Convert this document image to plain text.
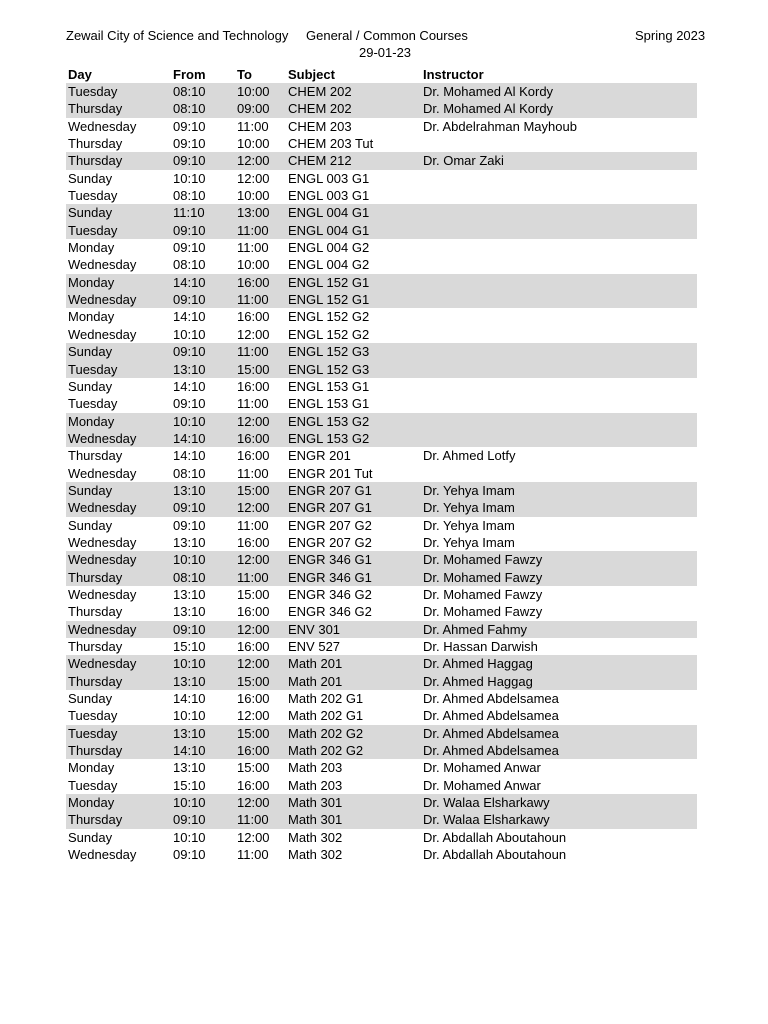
Zewail City of Science and Technology General / Common Courses
29-01-23
Spring 2023
Day	From To	Subject	Instructor
Tuesday	08:10 10:00 CHEM 202	Dr. Mohamed Al Kordy
Thursday	08:10 09:00 CHEM 202	Dr. Mohamed Al Kordy
Wednesday	09:10 11:00 CHEM 203	Dr. Abdelrahman Mayhoub
Thursday	09:10 10:00 CHEM 203 Tut
Thursday	09:10 12:00 CHEM 212	Dr. Omar Zaki
Sunday	10:10 12:00 ENGL 003 G1
Tuesday	08:10 10:00 ENGL 003 G1
Sunday	11:10 13:00 ENGL 004 G1
Tuesday	09:10 11:00 ENGL 004 G1
Monday	09:10 11:00 ENGL 004 G2
Wednesday	08:10 10:00 ENGL 004 G2
Monday	14:10 16:00 ENGL 152 G1
Wednesday	09:10 11:00 ENGL 152 G1
Monday	14:10 16:00 ENGL 152 G2
Wednesday	10:10 12:00 ENGL 152 G2
Sunday	09:10 11:00 ENGL 152 G3
Tuesday	13:10 15:00 ENGL 152 G3
Sunday	14:10 16:00 ENGL 153 G1
Tuesday	09:10 11:00 ENGL 153 G1
Monday	10:10 12:00 ENGL 153 G2
Wednesday	14:10 16:00 ENGL 153 G2
Thursday	14:10 16:00 ENGR 201	Dr. Ahmed Lotfy
Wednesday	08:10 11:00 ENGR 201 Tut
Sunday	13:10 15:00 ENGR 207 G1	Dr. Yehya Imam
Wednesday	09:10 12:00 ENGR 207 G1	Dr. Yehya Imam
Sunday	09:10 11:00 ENGR 207 G2	Dr. Yehya Imam
Wednesday	13:10 16:00 ENGR 207 G2	Dr. Yehya Imam
Wednesday	10:10 12:00 ENGR 346 G1	Dr. Mohamed Fawzy
Thursday	08:10 11:00 ENGR 346 G1	Dr. Mohamed Fawzy
Wednesday	13:10 15:00 ENGR 346 G2	Dr. Mohamed Fawzy
Thursday	13:10 16:00 ENGR 346 G2	Dr. Mohamed Fawzy
Wednesday	09:10 12:00 ENV 301	Dr. Ahmed Fahmy
Thursday	15:10 16:00 ENV 527	Dr. Hassan Darwish
Wednesday	10:10 12:00 Math 201	Dr. Ahmed Haggag
Thursday	13:10 15:00 Math 201	Dr. Ahmed Haggag
Sunday	14:10 16:00 Math 202 G1	Dr. Ahmed Abdelsamea
Tuesday	10:10 12:00 Math 202 G1	Dr. Ahmed Abdelsamea
Tuesday	13:10 15:00 Math 202 G2	Dr. Ahmed Abdelsamea
Thursday	14:10 16:00 Math 202 G2	Dr. Ahmed Abdelsamea
Monday	13:10 15:00 Math 203	Dr. Mohamed Anwar
Tuesday	15:10 16:00 Math 203	Dr. Mohamed Anwar
Monday	10:10 12:00 Math 301	Dr. Walaa Elsharkawy
Thursday	09:10 11:00 Math 301	Dr. Walaa Elsharkawy
Sunday	10:10 12:00 Math 302	Dr. Abdallah Aboutahoun
Wednesday	09:10 11:00 Math 302	Dr. Abdallah Aboutahoun
